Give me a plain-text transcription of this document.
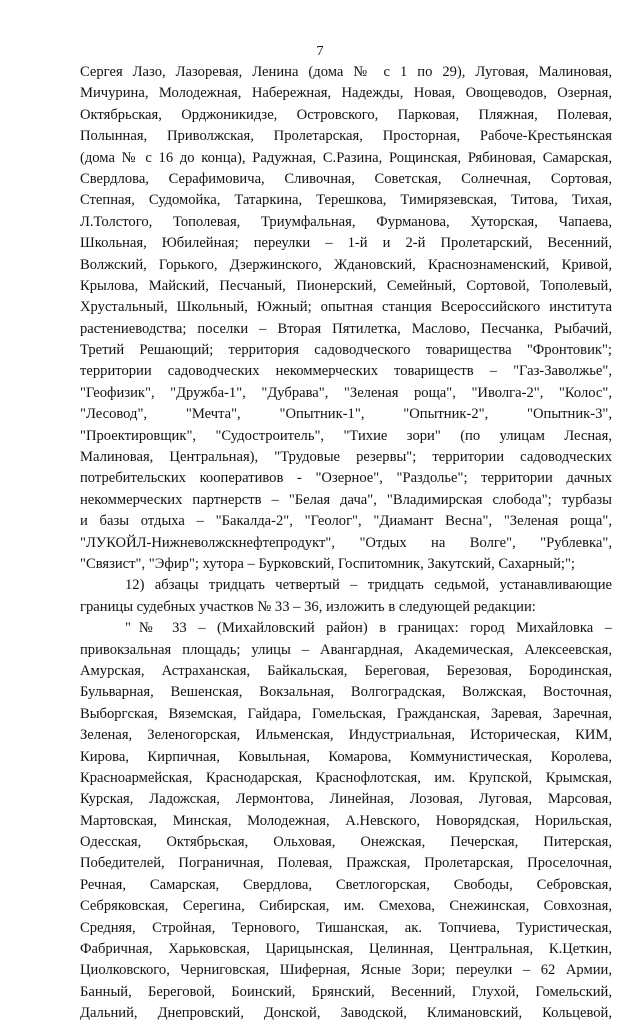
7
Сергея Лазо, Лазоревая, Ленина (дома № с 1 по 29), Луговая, Малиновая,
Мичурина, Молодежная, Набережная, Надежды, Новая, Овощеводов, Озерная,
Октябрьская, Орджоникидзе, Островского, Парковая, Пляжная, Полевая,
Полынная, Приволжская, Пролетарская, Просторная, Рабоче-Крестьянская
(дома № с 16 до конца), Радужная, С.Разина, Рощинская, Рябиновая, Самарская,
Свердлова, Серафимовича, Сливочная, Советская, Солнечная, Сортовая,
Степная, Судомойка, Татаркина, Терешкова, Тимирязевская, Титова, Тихая,
Л.Толстого, Тополевая, Триумфальная, Фурманова, Хуторская, Чапаева,
Школьная, Юбилейная; переулки – 1-й и 2-й Пролетарский, Весенний,
Волжский, Горького, Дзержинского, Ждановский, Краснознаменский, Кривой,
Крылова, Майский, Песчаный, Пионерский, Семейный, Сортовой, Тополевый,
Хрустальный, Школьный, Южный; опытная станция Всероссийского института
растениеводства; поселки – Вторая Пятилетка, Маслово, Песчанка, Рыбачий,
Третий Решающий; территория садоводческого товарищества "Фронтовик";
территории садоводческих некоммерческих товариществ – "Газ-Заволжье",
"Геофизик", "Дружба-1", "Дубрава", "Зеленая роща", "Иволга-2", "Колос",
"Лесовод", "Мечта", "Опытник-1", "Опытник-2", "Опытник-3",
"Проектировщик", "Судостроитель", "Тихие зори" (по улицам Лесная,
Малиновая, Центральная), "Трудовые резервы"; территории садоводческих
потребительских кооперативов - "Озерное", "Раздолье"; территории дачных
некоммерческих партнерств – "Белая дача", "Владимирская слобода"; турбазы
и базы отдыха – "Бакалда-2", "Геолог", "Диамант Весна", "Зеленая роща",
"ЛУКОЙЛ-Нижневолжскнефтепродукт", "Отдых на Волге", "Рублевка",
"Связист", "Эфир"; хутора – Бурковский, Госпитомник, Закутский, Сахарный;";
12) абзацы тридцать четвертый – тридцать седьмой, устанавливающие
границы судебных участков № 33 – 36, изложить в следующей редакции:
"№ 33 – (Михайловский район) в границах: город Михайловка –
привокзальная площадь; улицы – Авангардная, Академическая, Алексеевская,
Амурская, Астраханская, Байкальская, Береговая, Березовая, Бородинская,
Бульварная, Вешенская, Вокзальная, Волгоградская, Волжская, Восточная,
Выборгская, Вяземская, Гайдара, Гомельская, Гражданская, Заревая, Заречная,
Зеленая, Зеленогорская, Ильменская, Индустриальная, Историческая, КИМ,
Кирова, Кирпичная, Ковыльная, Комарова, Коммунистическая, Королева,
Красноармейская, Краснодарская, Краснофлотская, им. Крупской, Крымская,
Курская, Ладожская, Лермонтова, Линейная, Лозовая, Луговая, Марсовая,
Мартовская, Минская, Молодежная, А.Невского, Новорядская, Норильская,
Одесская, Октябрьская, Ольховая, Онежская, Печерская, Питерская,
Победителей, Пограничная, Полевая, Пражская, Пролетарская, Проселочная,
Речная, Самарская, Свердлова, Светлогорская, Свободы, Себровская,
Себряковская, Серегина, Сибирская, им. Смехова, Снежинская, Совхозная,
Средняя, Стройная, Тернового, Тишанская, ак. Топчиева, Туристическая,
Фабричная, Харьковская, Царицынская, Целинная, Центральная, К.Цеткин,
Циолковского, Черниговская, Шиферная, Ясные Зори; переулки – 62 Армии,
Банный, Береговой, Боинский, Брянский, Весенний, Глухой, Гомельский,
Дальний, Днепровский, Донской, Заводской, Климановский, Кольцевой,
